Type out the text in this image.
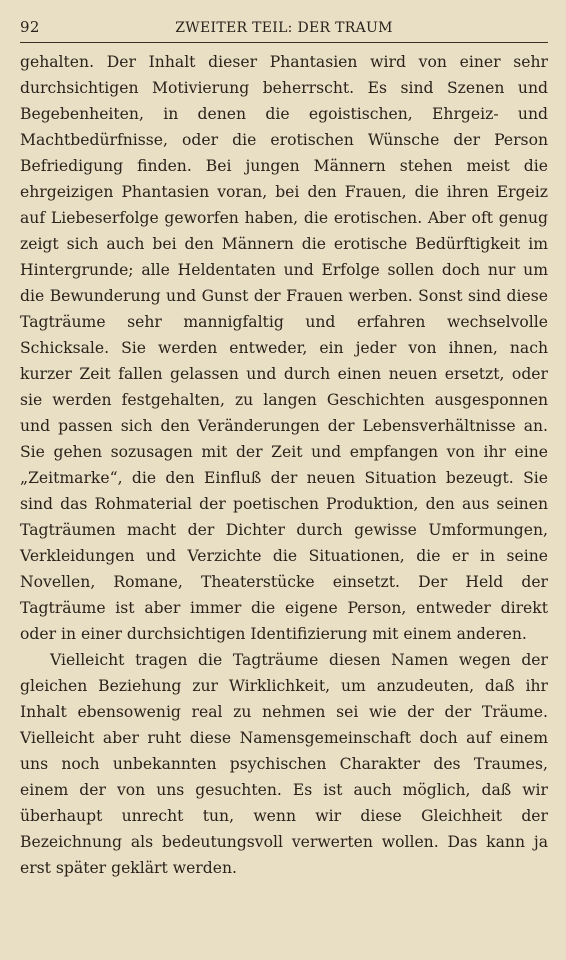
92	ZWEITER TEIL: DER TRAUM

gehalten. Der Inhalt dieser Phantasien wird von einer sehr durchsichtigen Motivierung beherrscht. Es sind Szenen und Begebenheiten, in denen die egoistischen, Ehrgeiz- und Machtbedürfnisse, oder die erotischen Wünsche der Person Befriedigung finden. Bei jungen Männern stehen meist die ehrgeizigen Phantasien voran, bei den Frauen, die ihren Ergeiz auf Liebeserfolge geworfen haben, die erotischen. Aber oft genug zeigt sich auch bei den Männern die erotische Bedürftigkeit im Hintergrunde; alle Heldentaten und Erfolge sollen doch nur um die Bewunderung und Gunst der Frauen werben. Sonst sind diese Tagträume sehr mannigfaltig und erfahren wechselvolle Schicksale. Sie werden entweder, ein jeder von ihnen, nach kurzer Zeit fallen gelassen und durch einen neuen ersetzt, oder sie werden festgehalten, zu langen Geschichten ausgesponnen und passen sich den Veränderungen der Lebensverhältnisse an. Sie gehen sozusagen mit der Zeit und empfangen von ihr eine „Zeitmarke“, die den Einfluß der neuen Situation bezeugt. Sie sind das Rohmaterial der poetischen Produktion, den aus seinen Tagträumen macht der Dichter durch gewisse Umformungen, Verkleidungen und Verzichte die Situationen, die er in seine Novellen, Romane, Theaterstücke einsetzt. Der Held der Tagträume ist aber immer die eigene Person, entweder direkt oder in einer durchsichtigen Identifizierung mit einem anderen.

Vielleicht tragen die Tagträume diesen Namen wegen der gleichen Beziehung zur Wirklichkeit, um anzudeuten, daß ihr Inhalt ebensowenig real zu nehmen sei wie der der Träume. Vielleicht aber ruht diese Namensgemeinschaft doch auf einem uns noch unbekannten psychischen Charakter des Traumes, einem der von uns gesuchten. Es ist auch möglich, daß wir überhaupt unrecht tun, wenn wir diese Gleichheit der Bezeichnung als bedeutungsvoll verwerten wollen. Das kann ja erst später geklärt werden.
